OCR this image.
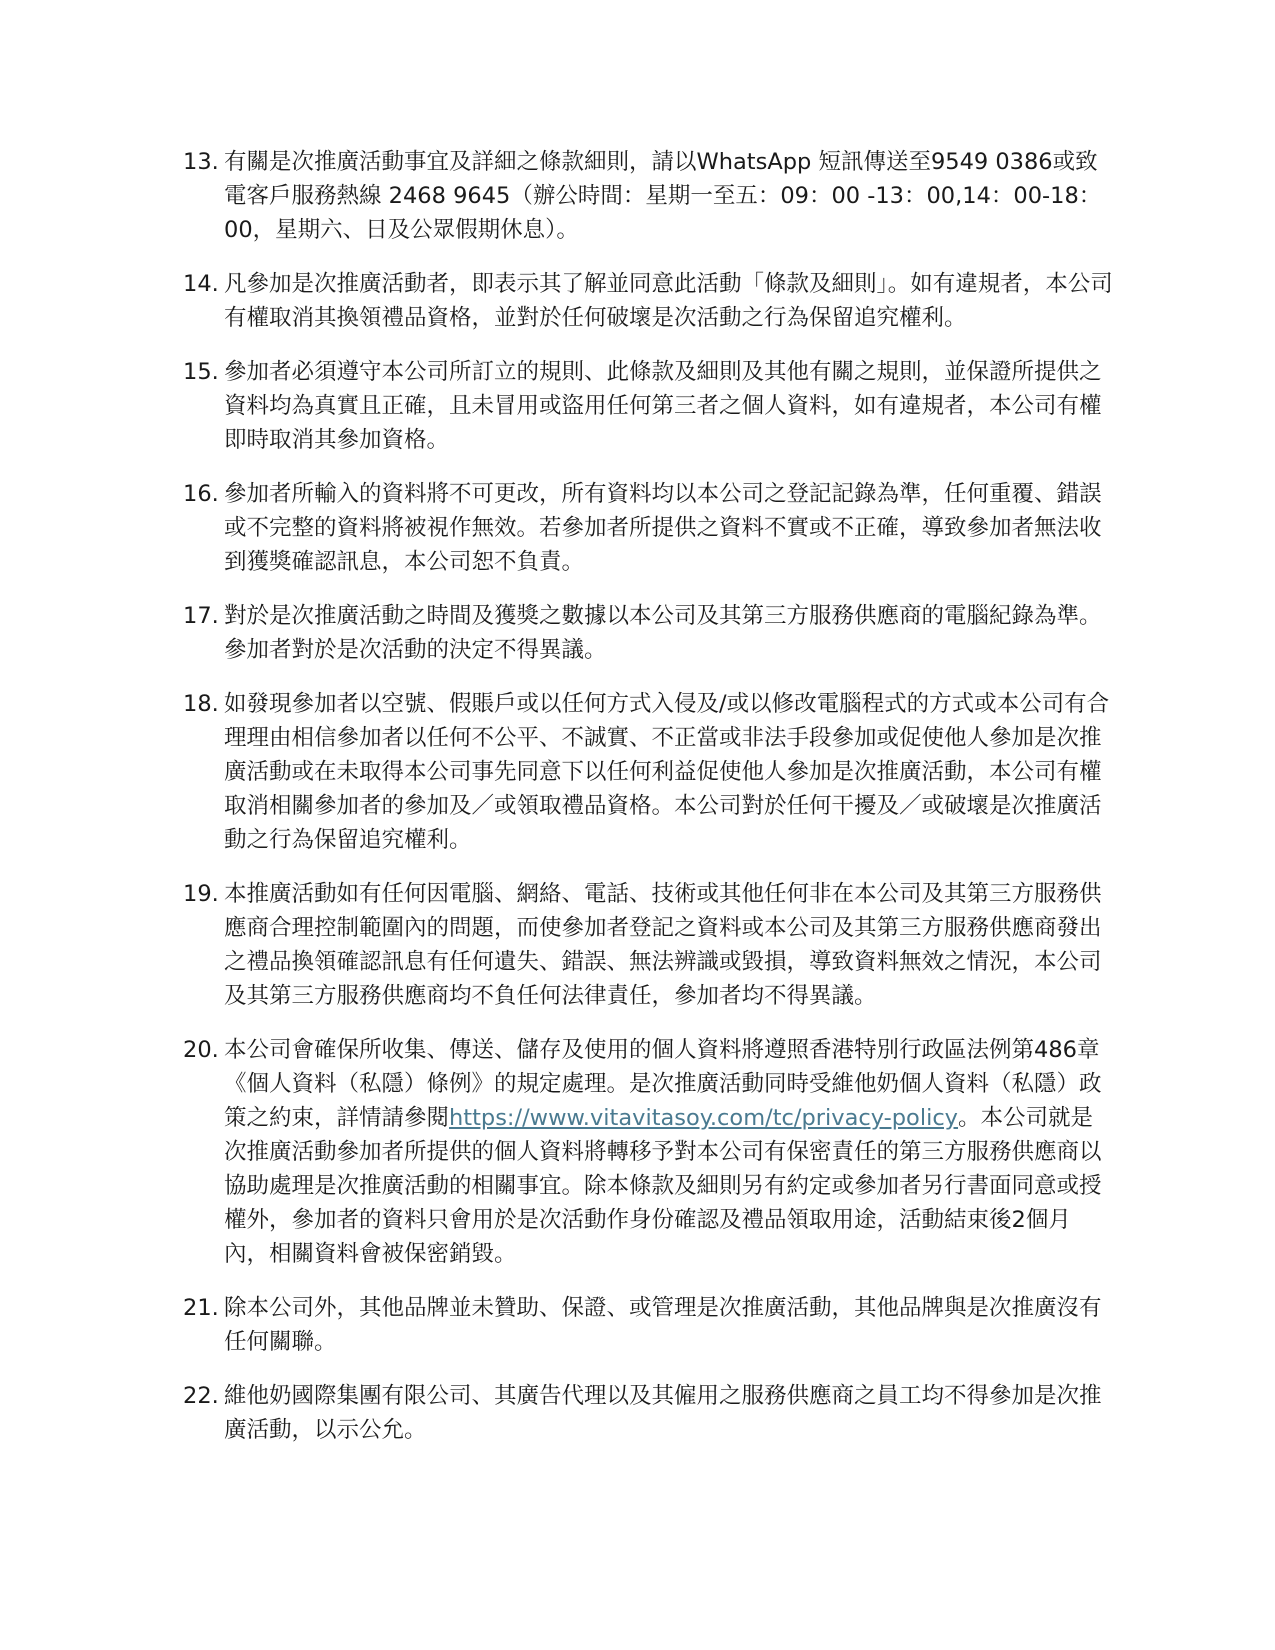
13. 有關是次推廣活動事宜及詳細之條款細則，請以WhatsApp 短訊傳送至9549 0386或致電客戶服務熱線 2468 9645（辦公時間：星期一至五：09：00 -13：00,14：00-18：00，星期六、日及公眾假期休息）。
14. 凡參加是次推廣活動者，即表示其了解並同意此活動「條款及細則」。如有違規者，本公司有權取消其換領禮品資格，並對於任何破壞是次活動之行為保留追究權利。
15. 參加者必須遵守本公司所訂立的規則、此條款及細則及其他有關之規則，並保證所提供之資料均為真實且正確，且未冒用或盜用任何第三者之個人資料，如有違規者，本公司有權即時取消其參加資格。
16. 參加者所輸入的資料將不可更改，所有資料均以本公司之登記記錄為準，任何重覆、錯誤或不完整的資料將被視作無效。若參加者所提供之資料不實或不正確，導致參加者無法收到獲獎確認訊息，本公司恕不負責。
17. 對於是次推廣活動之時間及獲獎之數據以本公司及其第三方服務供應商的電腦紀錄為準。參加者對於是次活動的決定不得異議。
18. 如發現參加者以空號、假賬戶或以任何方式入侵及/或以修改電腦程式的方式或本公司有合理理由相信參加者以任何不公平、不誠實、不正當或非法手段參加或促使他人參加是次推廣活動或在未取得本公司事先同意下以任何利益促使他人參加是次推廣活動，本公司有權取消相關參加者的參加及／或領取禮品資格。本公司對於任何干擾及／或破壞是次推廣活動之行為保留追究權利。
19. 本推廣活動如有任何因電腦、網絡、電話、技術或其他任何非在本公司及其第三方服務供應商合理控制範圍內的問題，而使參加者登記之資料或本公司及其第三方服務供應商發出之禮品換領確認訊息有任何遺失、錯誤、無法辨識或毀損，導致資料無效之情況，本公司及其第三方服務供應商均不負任何法律責任，參加者均不得異議。
20. 本公司會確保所收集、傳送、儲存及使用的個人資料將遵照香港特別行政區法例第486章《個人資料（私隱）條例》的規定處理。是次推廣活動同時受維他奶個人資料（私隱）政策之約束，詳情請參閱https://www.vitavitasoy.com/tc/privacy-policy。本公司就是次推廣活動參加者所提供的個人資料將轉移予對本公司有保密責任的第三方服務供應商以協助處理是次推廣活動的相關事宜。除本條款及細則另有約定或參加者另行書面同意或授權外，參加者的資料只會用於是次活動作身份確認及禮品領取用途，活動結束後2個月內，相關資料會被保密銷毀。
21. 除本公司外，其他品牌並未贊助、保證、或管理是次推廣活動，其他品牌與是次推廣沒有任何關聯。
22. 維他奶國際集團有限公司、其廣告代理以及其僱用之服務供應商之員工均不得參加是次推廣活動，以示公允。
